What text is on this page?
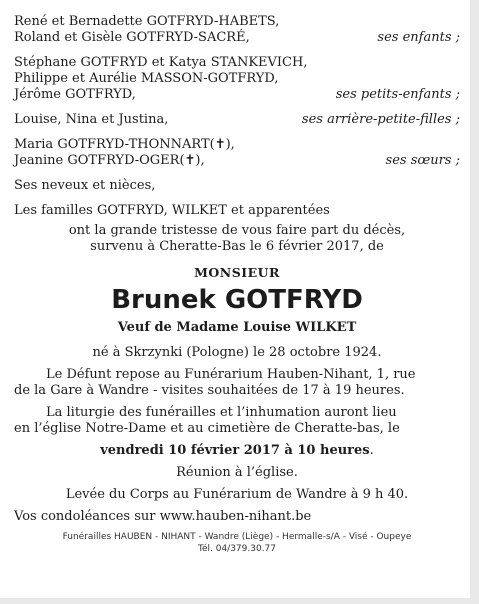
René et Bernadette GOTFRYD-HABETS,
Roland et Gisèle GOTFRYD-SACRÉ,	ses enfants ;
Stéphane GOTFRYD et Katya STANKEVICH,
Philippe et Aurélie MASSON-GOTFRYD,
Jérôme GOTFRYD,	ses petits-enfants ;
Louise, Nina et Justina,	ses arrière-petite-filles ;
Maria GOTFRYD-THONNART(✝),
Jeanine GOTFRYD-OGER(✝),	ses sœurs ;
Ses neveux et nièces,
Les familles GOTFRYD, WILKET et apparentées
ont la grande tristesse de vous faire part du décès,
survenu à Cheratte-Bas le 6 février 2017, de
MONSIEUR
Brunek GOTFRYD
Veuf de Madame Louise WILKET
né à Skrzynki (Pologne) le 28 octobre 1924.
Le Défunt repose au Funérarium Hauben-Nihant, 1, rue
de la Gare à Wandre - visites souhaitées de 17 à 19 heures.
La liturgie des funérailles et l’inhumation auront lieu
en l’église Notre-Dame et au cimetière de Cheratte-bas, le
vendredi 10 février 2017 à 10 heures.
Réunion à l’église.
Levée du Corps au Funérarium de Wandre à 9 h 40.
Vos condoléances sur www.hauben-nihant.be
Funérailles HAUBEN - NIHANT - Wandre (Liège) - Hermalle-s/A - Visé - Oupeye
Tél. 04/379.30.77
